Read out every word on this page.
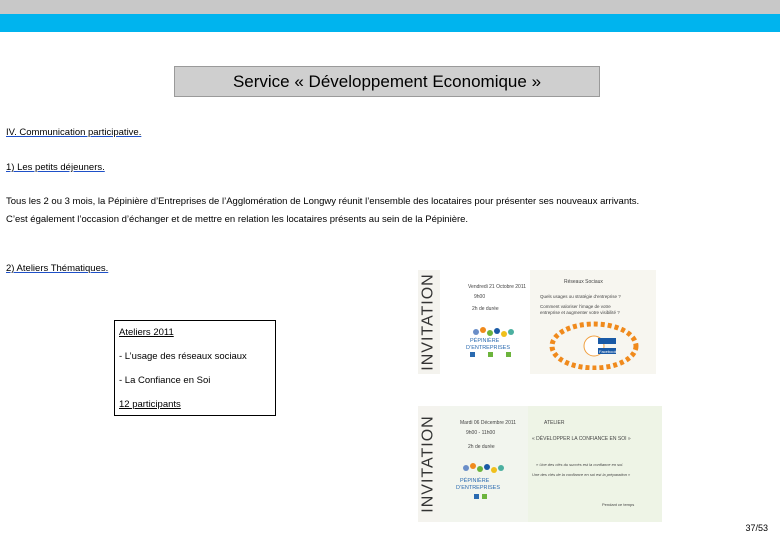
Service « Développement Economique »
IV. Communication participative.
1) Les petits déjeuners.
Tous les 2 ou 3 mois, la Pépinière d’Entreprises de l’Agglomération de Longwy réunit l’ensemble des locataires pour présenter ses nouveaux arrivants.
C’est également l’occasion d’échanger et de mettre en relation les locataires présents au sein de la Pépinière.
2) Ateliers Thématiques.
Ateliers 2011
- L’usage des réseaux sociaux
- La Confiance en Soi
12 participants
INVITATION	Vendredi 21 Octobre 2011
9h00
2h de durée
PÉPINIÈRE
D’ENTREPRISES
Réseaux Sociaux
Quels usages ou stratégie d’entreprise ?
Comment valoriser l’image de votre
entreprise et augmenter votre visibilité ?
Facebook
INVITATION	Mardi 06 Décembre 2011
9h00 - 11h00
2h de durée
PÉPINIÈRE
D’ENTREPRISES
ATELIER
« DÉVELOPPER LA CONFIANCE EN SOI »
« Une des clés du succès est la confiance en soi.
Une des clés de la confiance en soi est la préparation »
Pendant ce temps
37/53
